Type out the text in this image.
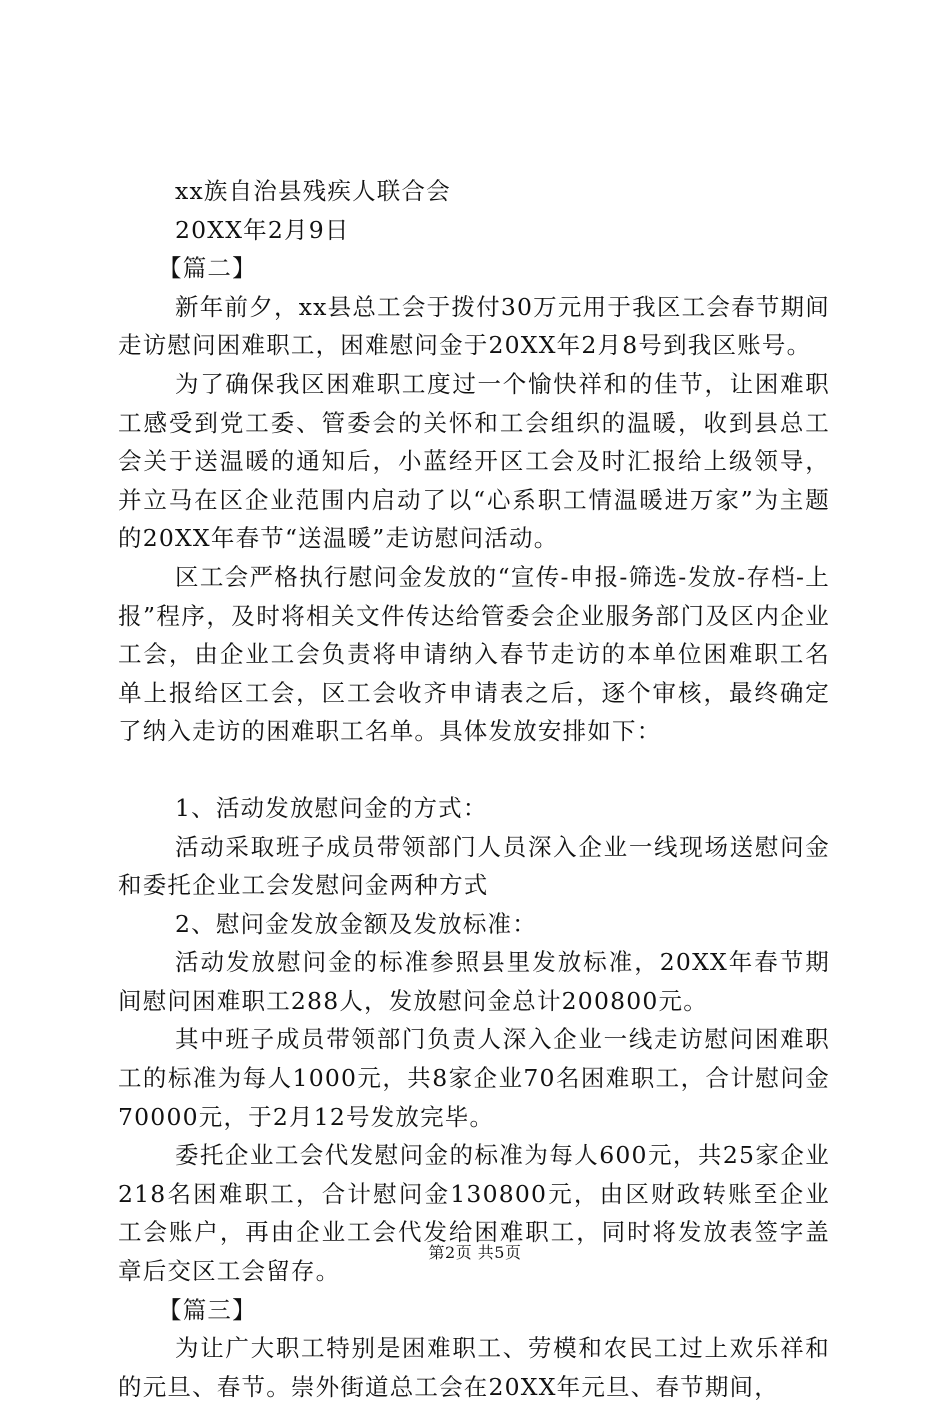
xx族自治县残疾人联合会

20XX年2月9日

【篇二】

新年前夕，xx县总工会于拨付30万元用于我区工会春节期间走访慰问困难职工，困难慰问金于20XX年2月8号到我区账号。

为了确保我区困难职工度过一个愉快祥和的佳节，让困难职工感受到党工委、管委会的关怀和工会组织的温暖，收到县总工会关于送温暖的通知后，小蓝经开区工会及时汇报给上级领导，并立马在区企业范围内启动了以“心系职工情温暖进万家”为主题的20XX年春节“送温暖”走访慰问活动。

区工会严格执行慰问金发放的“宣传-申报-筛选-发放-存档-上报”程序，及时将相关文件传达给管委会企业服务部门及区内企业工会，由企业工会负责将申请纳入春节走访的本单位困难职工名单上报给区工会，区工会收齐申请表之后，逐个审核，最终确定了纳入走访的困难职工名单。具体发放安排如下：

1、活动发放慰问金的方式：

活动采取班子成员带领部门人员深入企业一线现场送慰问金和委托企业工会发慰问金两种方式

2、慰问金发放金额及发放标准：

活动发放慰问金的标准参照县里发放标准，20XX年春节期间慰问困难职工288人，发放慰问金总计200800元。

其中班子成员带领部门负责人深入企业一线走访慰问困难职工的标准为每人1000元，共8家企业70名困难职工，合计慰问金70000元，于2月12号发放完毕。

委托企业工会代发慰问金的标准为每人600元，共25家企业218名困难职工，合计慰问金130800元，由区财政转账至企业工会账户，再由企业工会代发给困难职工，同时将发放表签字盖章后交区工会留存。

【篇三】

为让广大职工特别是困难职工、劳模和农民工过上欢乐祥和的元旦、春节。崇外街道总工会在20XX年元旦、春节期间，

第2页 共5页
